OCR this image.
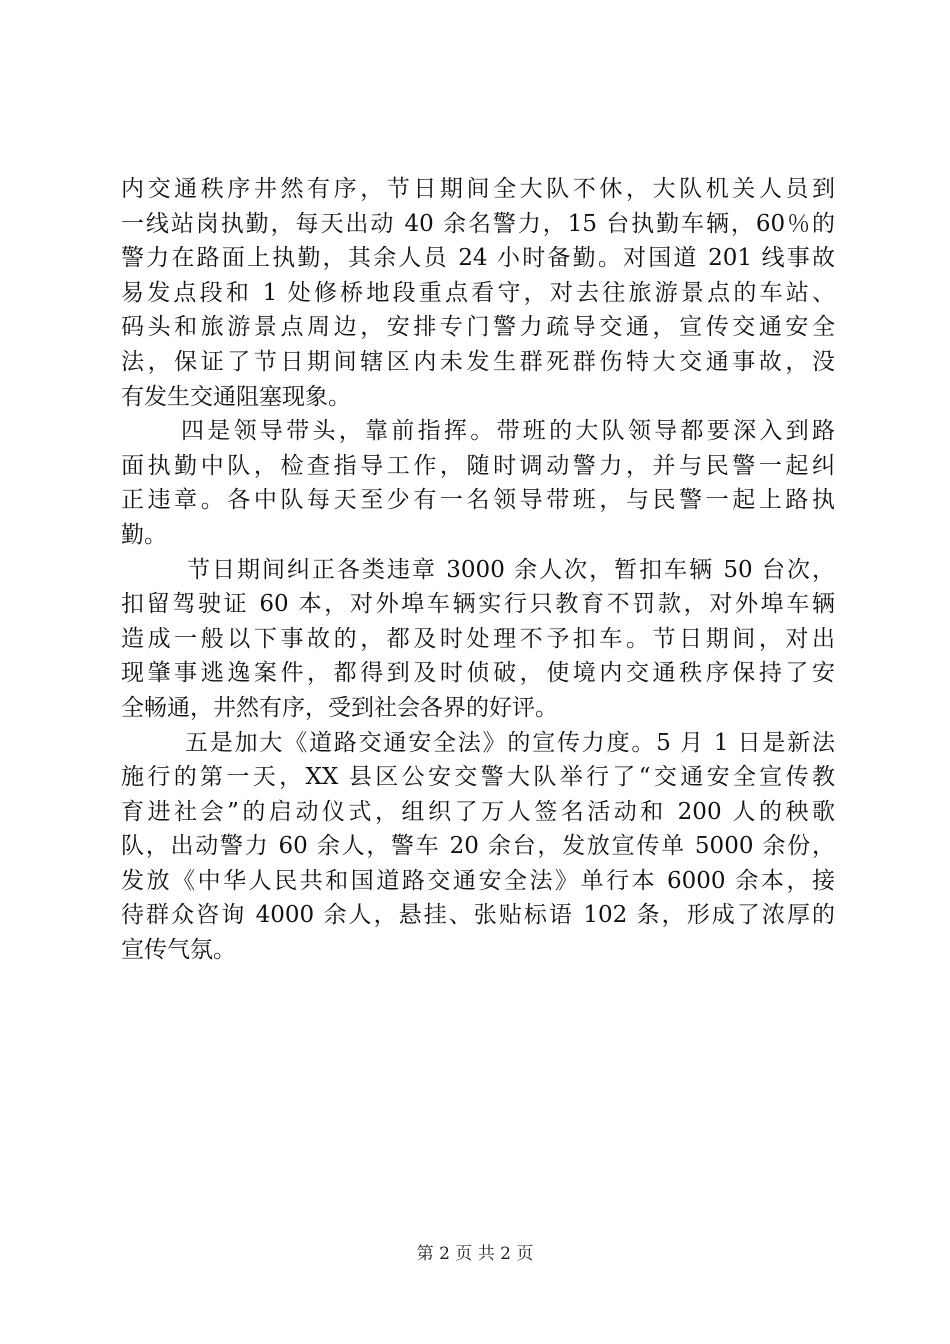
内交通秩序井然有序，节日期间全大队不休，大队机关人员到
一线站岗执勤，每天出动 40 余名警力，15 台执勤车辆，60％的
警力在路面上执勤，其余人员 24 小时备勤。对国道 201 线事故
易发点段和 1 处修桥地段重点看守，对去往旅游景点的车站、
码头和旅游景点周边，安排专门警力疏导交通，宣传交通安全
法，保证了节日期间辖区内未发生群死群伤特大交通事故，没
有发生交通阻塞现象。
四是领导带头，靠前指挥。带班的大队领导都要深入到路
面执勤中队，检查指导工作，随时调动警力，并与民警一起纠
正违章。各中队每天至少有一名领导带班，与民警一起上路执
勤。
节日期间纠正各类违章 3000 余人次，暂扣车辆 50 台次，
扣留驾驶证 60 本，对外埠车辆实行只教育不罚款，对外埠车辆
造成一般以下事故的，都及时处理不予扣车。节日期间，对出
现肇事逃逸案件，都得到及时侦破，使境内交通秩序保持了安
全畅通，井然有序，受到社会各界的好评。
五是加大《道路交通安全法》的宣传力度。5 月 1 日是新法
施行的第一天，XX 县区公安交警大队举行了“交通安全宣传教
育进社会”的启动仪式，组织了万人签名活动和 200 人的秧歌
队，出动警力 60 余人，警车 20 余台，发放宣传单 5000 余份，
发放《中华人民共和国道路交通安全法》单行本 6000 余本，接
待群众咨询 4000 余人，悬挂、张贴标语 102 条，形成了浓厚的
宣传气氛。
第 2 页 共 2 页
